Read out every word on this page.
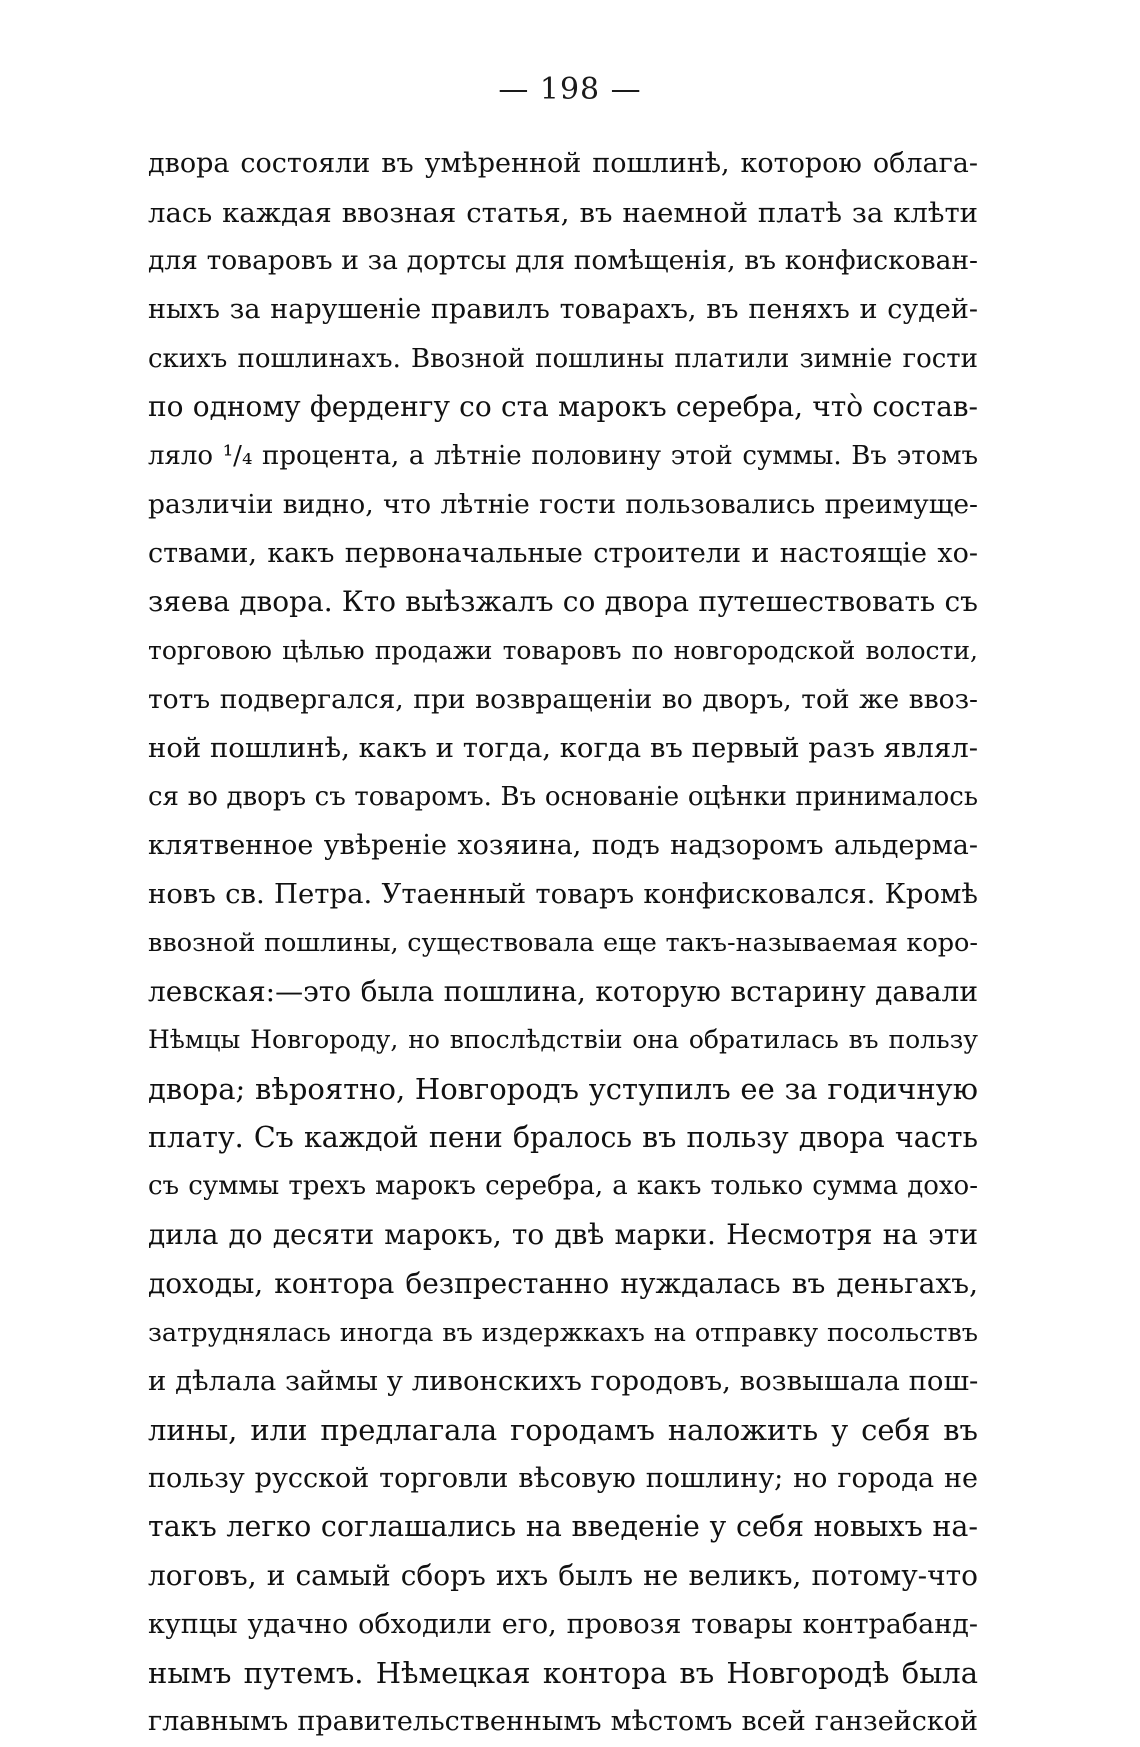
— 198 —
двора состояли въ умѣренной пошлинѣ, которою облага-
лась каждая ввозная статья, въ наемной платѣ за клѣти
для товаровъ и за дортсы для помѣщенія, въ конфискован-
ныхъ за нарушеніе правилъ товарахъ, въ пеняхъ и судей-
скихъ пошлинахъ. Ввозной пошлины платили зимніе гости
по одному ферденгу со ста марокъ серебра, что̀ состав-
ляло ¹/₄ процента, а лѣтніе половину этой суммы. Въ этомъ
различіи видно, что лѣтніе гости пользовались преимуще-
ствами, какъ первоначальные строители и настоящіе хо-
зяева двора. Кто выѣзжалъ со двора путешествовать съ
торговою цѣлью продажи товаровъ по новгородской волости,
тотъ подвергался, при возвращеніи во дворъ, той же ввоз-
ной пошлинѣ, какъ и тогда, когда въ первый разъ являл-
ся во дворъ съ товаромъ. Въ основаніе оцѣнки принималось
клятвенное увѣреніе хозяина, подъ надзоромъ альдерма-
новъ св. Петра. Утаенный товаръ конфисковался. Кромѣ
ввозной пошлины, существовала еще такъ-называемая коро-
левская:—это была пошлина, которую встарину давали
Нѣмцы Новгороду, но впослѣдствіи она обратилась въ пользу
двора; вѣроятно, Новгородъ уступилъ ее за годичную
плату. Съ каждой пени бралось въ пользу двора часть
съ суммы трехъ марокъ серебра, а какъ только сумма дохо-
дила до десяти марокъ, то двѣ марки. Несмотря на эти
доходы, контора безпрестанно нуждалась въ деньгахъ,
затруднялась иногда въ издержкахъ на отправку посольствъ
и дѣлала займы у ливонскихъ городовъ, возвышала пош-
лины, или предлагала городамъ наложить у себя въ
пользу русской торговли вѣсовую пошлину; но города не
такъ легко соглашались на введеніе у себя новыхъ на-
логовъ, и самый сборъ ихъ былъ не великъ, потому-что
купцы удачно обходили его, провозя товары контрабанд-
нымъ путемъ. Нѣмецкая контора въ Новгородѣ была
главнымъ правительственнымъ мѣстомъ всей ганзейской
